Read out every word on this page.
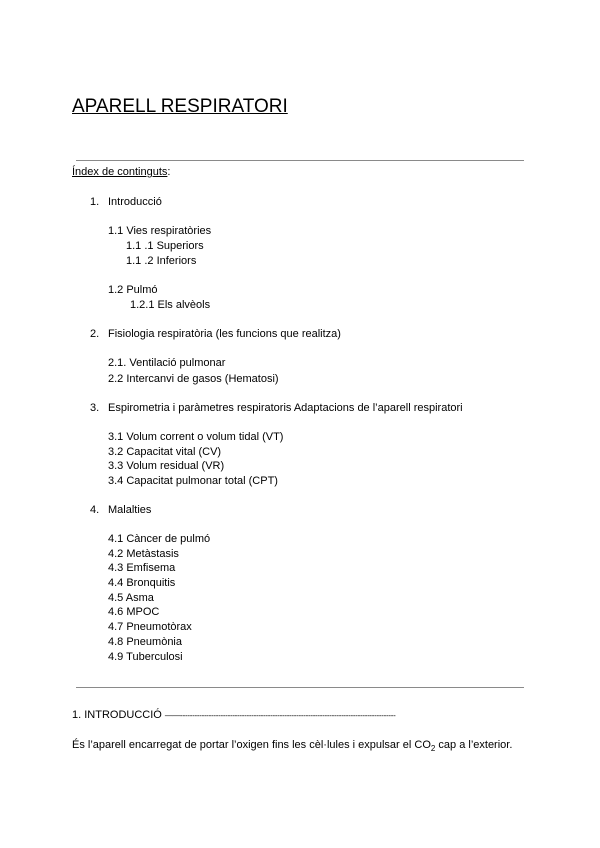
APARELL RESPIRATORI
Índex de continguts:
1. Introducció
1.1 Vies respiratòries
1.1 .1 Superiors
1.1 .2 Inferiors
1.2 Pulmó
1.2.1 Els alvèols
2. Fisiologia respiratòria (les funcions que realitza)
2.1. Ventilació pulmonar
2.2 Intercanvi de gasos (Hematosi)
3. Espirometria i paràmetres respiratoris Adaptacions de l’aparell respiratori
3.1 Volum corrent o volum tidal (VT)
3.2 Capacitat vital (CV)
3.3 Volum residual (VR)
3.4 Capacitat pulmonar total (CPT)
4. Malalties
4.1 Càncer de pulmó
4.2 Metàstasis
4.3 Emfisema
4.4 Bronquitis
4.5 Asma
4.6 MPOC
4.7 Pneumotòrax
4.8 Pneumònia
4.9 Tuberculosi
1. INTRODUCCIÓ ——-------------------------------------------------------------------------------------------
És l’aparell encarregat de portar l’oxigen fins les cèl·lules i expulsar el $CO_2$ cap a l’exterior.
